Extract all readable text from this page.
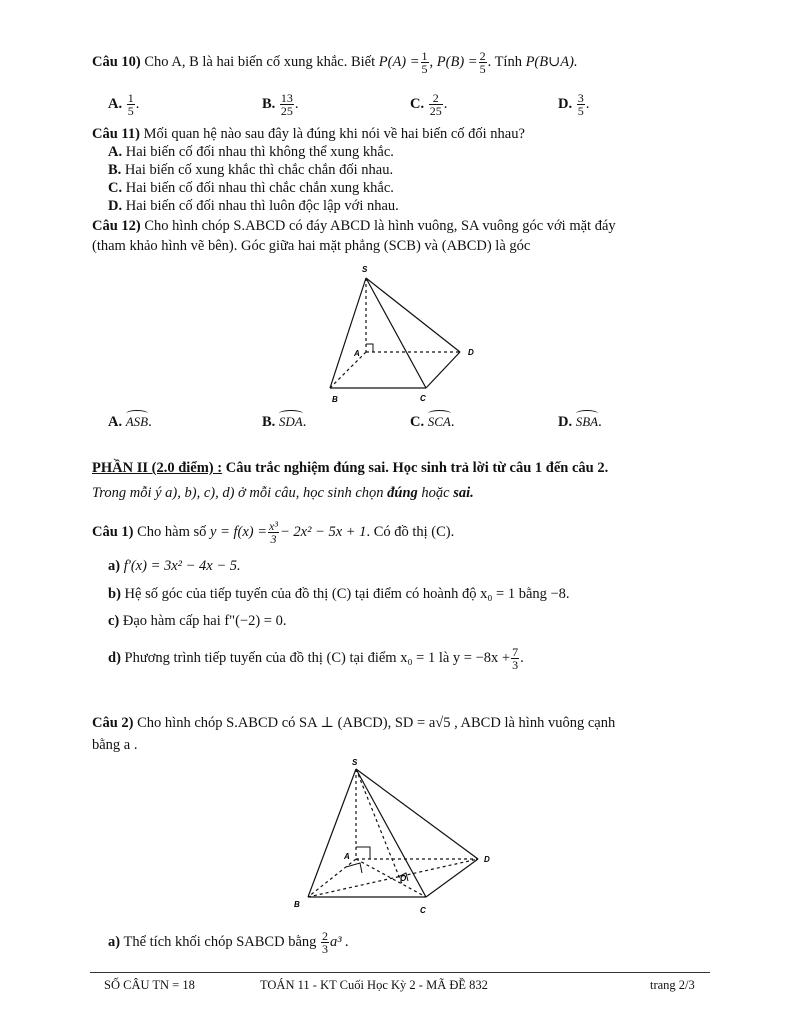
Câu 10) Cho A, B là hai biến cố xung khắc. Biết $P(A) = \frac{1}{5}$ , $P(B) = \frac{2}{5}$ . Tính P(B∪A).
A. $\frac{1}{5}$ .	B. $\frac{13}{25}$ .	C. $\frac{2}{25}$ .	D. $\frac{3}{5}$ .
Câu 11) Mối quan hệ nào sau đây là đúng khi nói về hai biến cố đối nhau?
A. Hai biến cố đối nhau thì không thể xung khắc.
B. Hai biến cố xung khắc thì chắc chắn đối nhau.
C. Hai biến cố đối nhau thì chắc chắn xung khắc.
D. Hai biến cố đối nhau thì luôn độc lập với nhau.
Câu 12) Cho hình chóp S.ABCD có đáy ABCD là hình vuông, SA vuông góc với mặt đáy
(tham khảo hình vẽ bên). Góc giữa hai mặt phẳng (SCB) và (ABCD) là góc
S
A
B	C
D
A. ASB.	B. SDA.	C. SCA.	D. SBA.
PHẦN II (2.0 điểm) : Câu trắc nghiệm đúng sai. Học sinh trả lời từ câu 1 đến câu 2.
Trong mỗi ý a), b), c), d) ở mỗi câu, học sinh chọn đúng hoặc sai.
Câu 1) Cho hàm số $y = f(x) = \frac{\text{x³}}{3} - 2x^2 - 5x + 1$. Có đồ thị (C).
a) f'(x) = 3x² − 4x − 5.
b) Hệ số góc của tiếp tuyến của đồ thị (C) tại điểm có hoành độ x₀ = 1 bằng −8.
c) Đạo hàm cấp hai f"(−2) = 0.
d) Phương trình tiếp tuyến của đồ thị (C) tại điểm x₀ = 1 là $y = -8x + \frac{7}{3}$ .
Câu 2) Cho hình chóp S.ABCD có SA ⊥ (ABCD), SD = a√5 , ABCD là hình vuông cạnh
bằng a .
S
A
B
C
D
O
a) Thể tích khối chóp SABCD bằng $\frac{2}{3} a^3$ .
SỐ CÂU TN = 18	TOÁN 11 - KT Cuối Học Kỳ 2 - MÃ ĐỀ 832	trang 2/3
